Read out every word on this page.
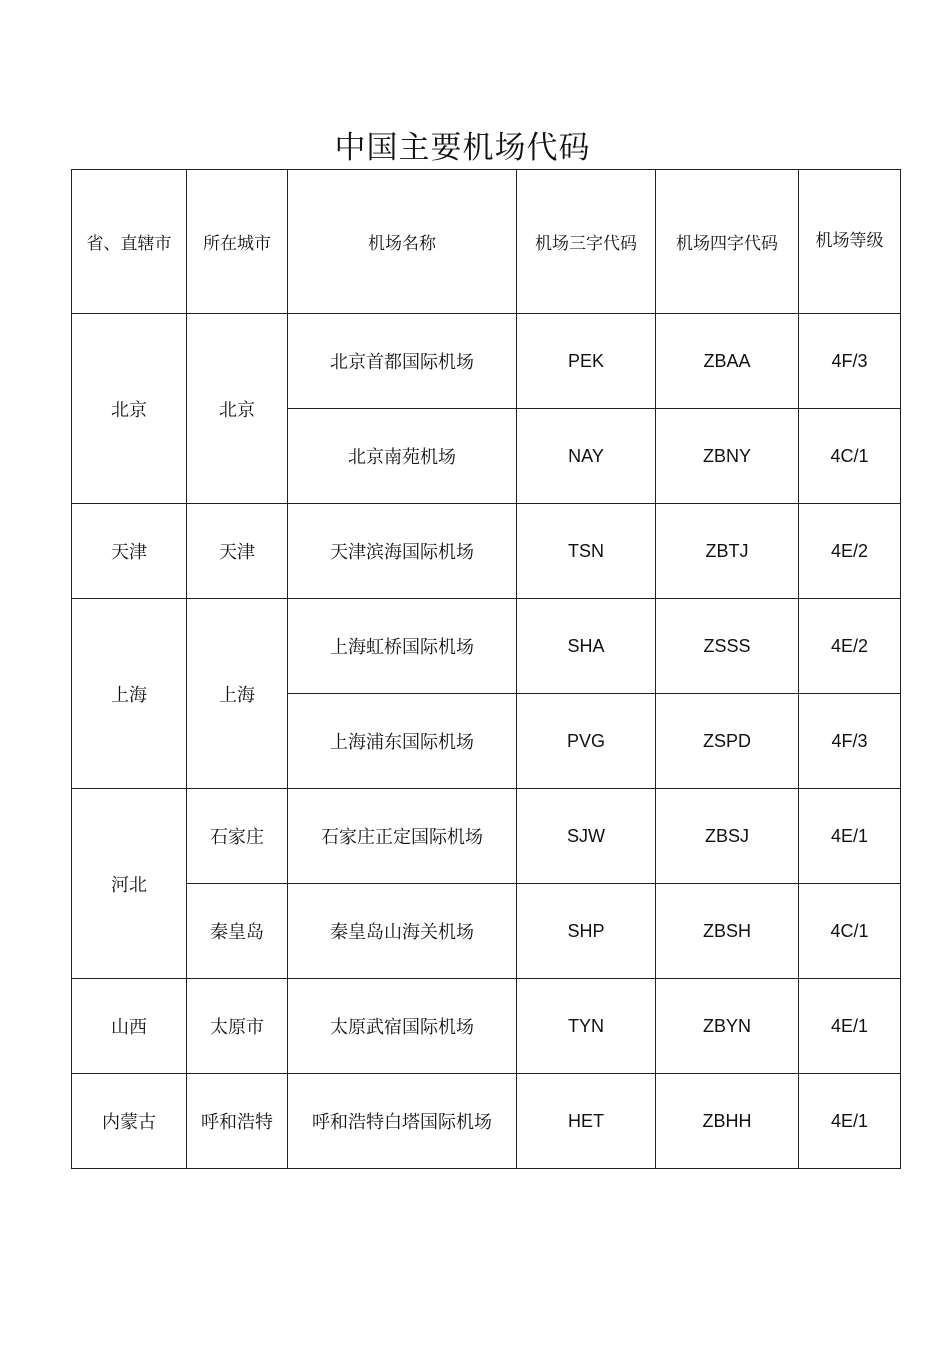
中国主要机场代码
省、直辖市	所在城市	机场名称	机场三字代码	机场四字代码	机场等级
北京	北京	北京首都国际机场	PEK	ZBAA	4F/3
		北京南苑机场	NAY	ZBNY	4C/1
天津	天津	天津滨海国际机场	TSN	ZBTJ	4E/2
上海	上海	上海虹桥国际机场	SHA	ZSSS	4E/2
		上海浦东国际机场	PVG	ZSPD	4F/3
河北	石家庄	石家庄正定国际机场	SJW	ZBSJ	4E/1
	秦皇岛	秦皇岛山海关机场	SHP	ZBSH	4C/1
山西	太原市	太原武宿国际机场	TYN	ZBYN	4E/1
内蒙古	呼和浩特	呼和浩特白塔国际机场	HET	ZBHH	4E/1
